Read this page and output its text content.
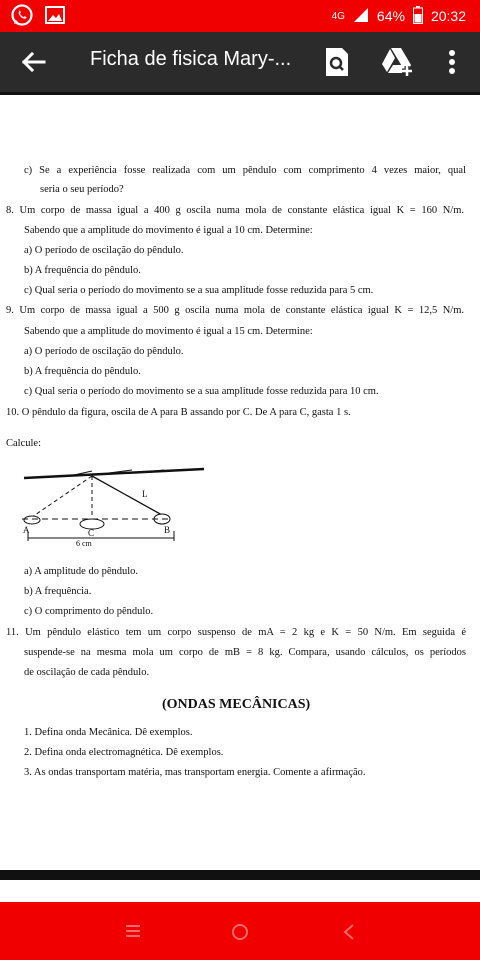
4G 64% 20:32
Ficha de fisica Mary-...
c) Se a experiência fosse realizada com um pêndulo com comprimento 4 vezes maior, qual
seria o seu período?
8. Um corpo de massa igual a 400 g oscila numa mola de constante elástica igual K = 160 N/m.
Sabendo que a amplitude do movimento é igual a 10 cm. Determine:
a) O período de oscilação do pêndulo.
b) A frequência do pêndulo.
c) Qual seria o período do movimento se a sua amplitude fosse reduzida para 5 cm.
9. Um corpo de massa igual a 500 g oscila numa mola de constante elástica igual K = 12,5 N/m.
Sabendo que a amplitude do movimento é igual a 15 cm. Determine:
a) O período de oscilação do pêndulo.
b) A frequência do pêndulo.
c) Qual seria o período do movimento se a sua amplitude fosse reduzida para 10 cm.
10. O pêndulo da figura, oscila de A para B assando por C. De A para C, gasta 1 s.
Calcule:
L
A	C	B
6 cm
a) A amplitude do pêndulo.
b) A frequência.
c) O comprimento do pêndulo.
11. Um pêndulo elástico tem um corpo suspenso de mA = 2 kg e K = 50 N/m. Em seguida é
suspende-se na mesma mola um corpo de mB = 8 kg. Compara, usando cálculos, os períodos
de oscilação de cada pêndulo.
(ONDAS MECÂNICAS)
1. Defina onda Mecânica. Dê exemplos.
2. Defina onda electromagnética. Dê exemplos.
3. As ondas transportam matéria, mas transportam energia. Comente a afirmação.
